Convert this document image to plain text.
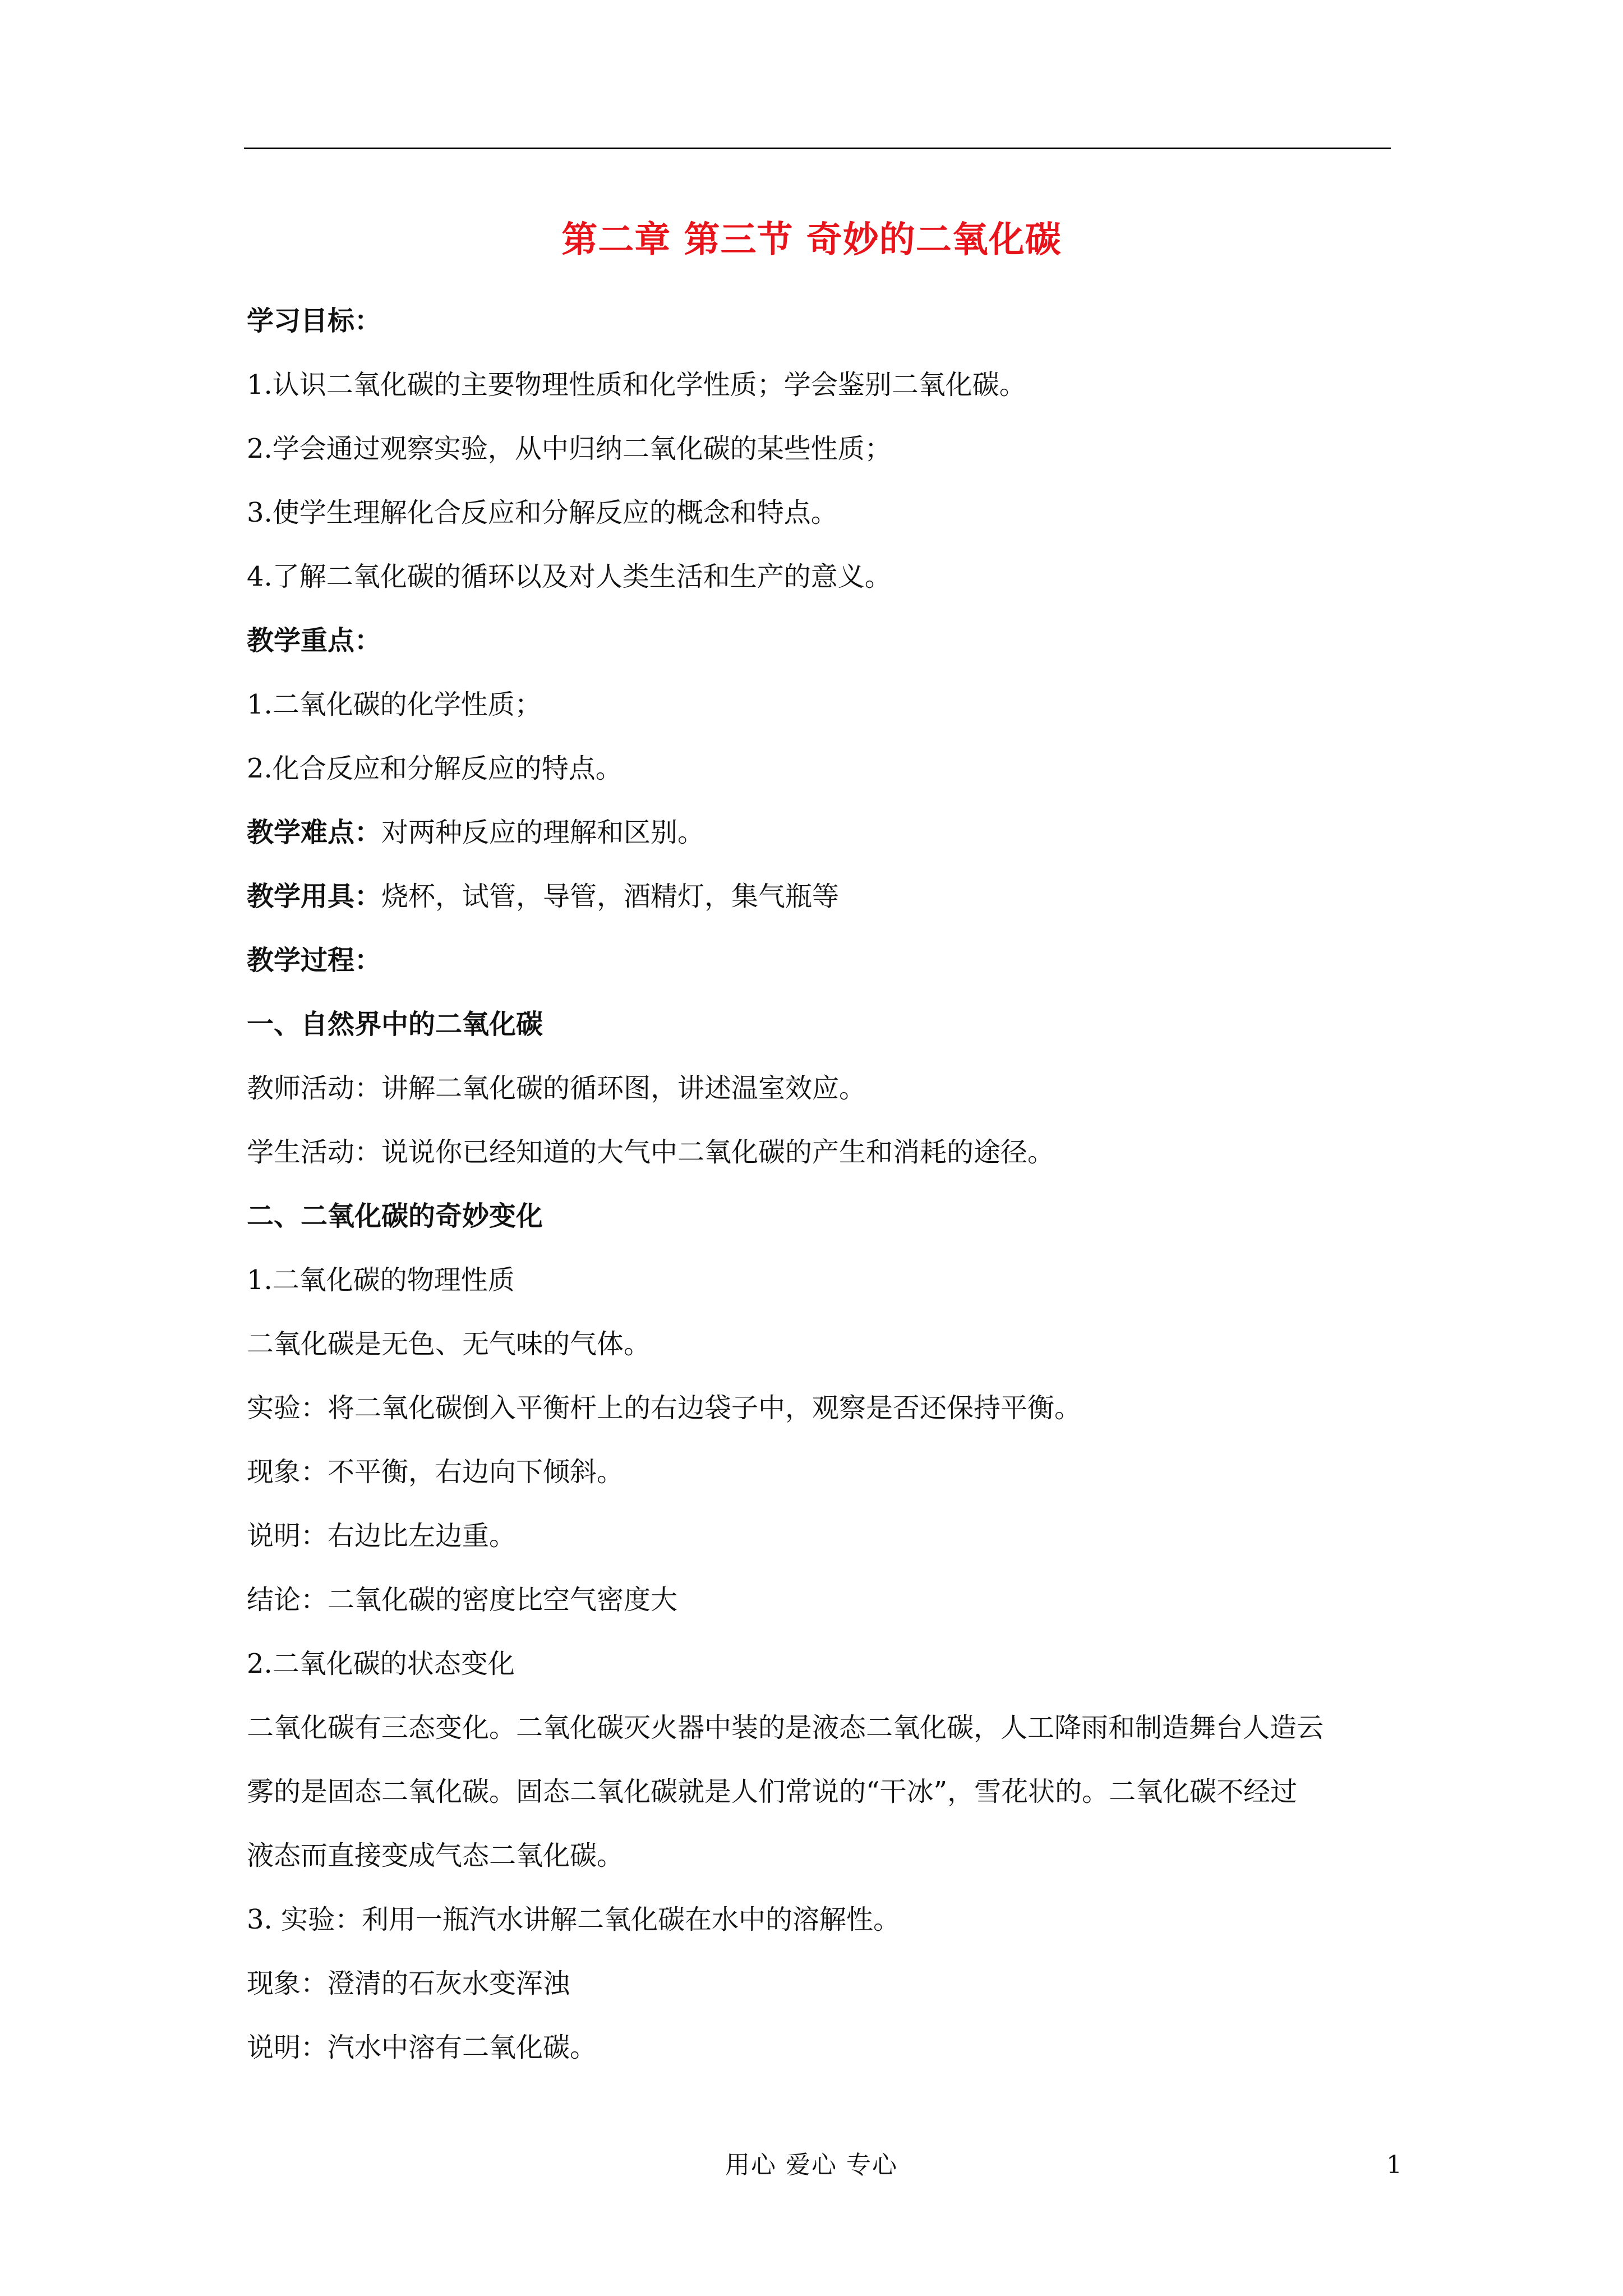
第二章 第三节 奇妙的二氧化碳
学习目标：
1.认识二氧化碳的主要物理性质和化学性质；学会鉴别二氧化碳。
2.学会通过观察实验，从中归纳二氧化碳的某些性质；
3.使学生理解化合反应和分解反应的概念和特点。
4.了解二氧化碳的循环以及对人类生活和生产的意义。
教学重点：
1.二氧化碳的化学性质；
2.化合反应和分解反应的特点。
教学难点：对两种反应的理解和区别。
教学用具：烧杯，试管，导管，酒精灯，集气瓶等
教学过程：
一、自然界中的二氧化碳
教师活动：讲解二氧化碳的循环图，讲述温室效应。
学生活动：说说你已经知道的大气中二氧化碳的产生和消耗的途径。
二、二氧化碳的奇妙变化
1.二氧化碳的物理性质
二氧化碳是无色、无气味的气体。
实验：将二氧化碳倒入平衡杆上的右边袋子中，观察是否还保持平衡。
现象：不平衡，右边向下倾斜。
说明：右边比左边重。
结论：二氧化碳的密度比空气密度大
2.二氧化碳的状态变化
二氧化碳有三态变化。二氧化碳灭火器中装的是液态二氧化碳，人工降雨和制造舞台人造云
雾的是固态二氧化碳。固态二氧化碳就是人们常说的“干冰”，雪花状的。二氧化碳不经过
液态而直接变成气态二氧化碳。
3. 实验：利用一瓶汽水讲解二氧化碳在水中的溶解性。
现象：澄清的石灰水变浑浊
说明：汽水中溶有二氧化碳。
用心 爱心 专心	1
